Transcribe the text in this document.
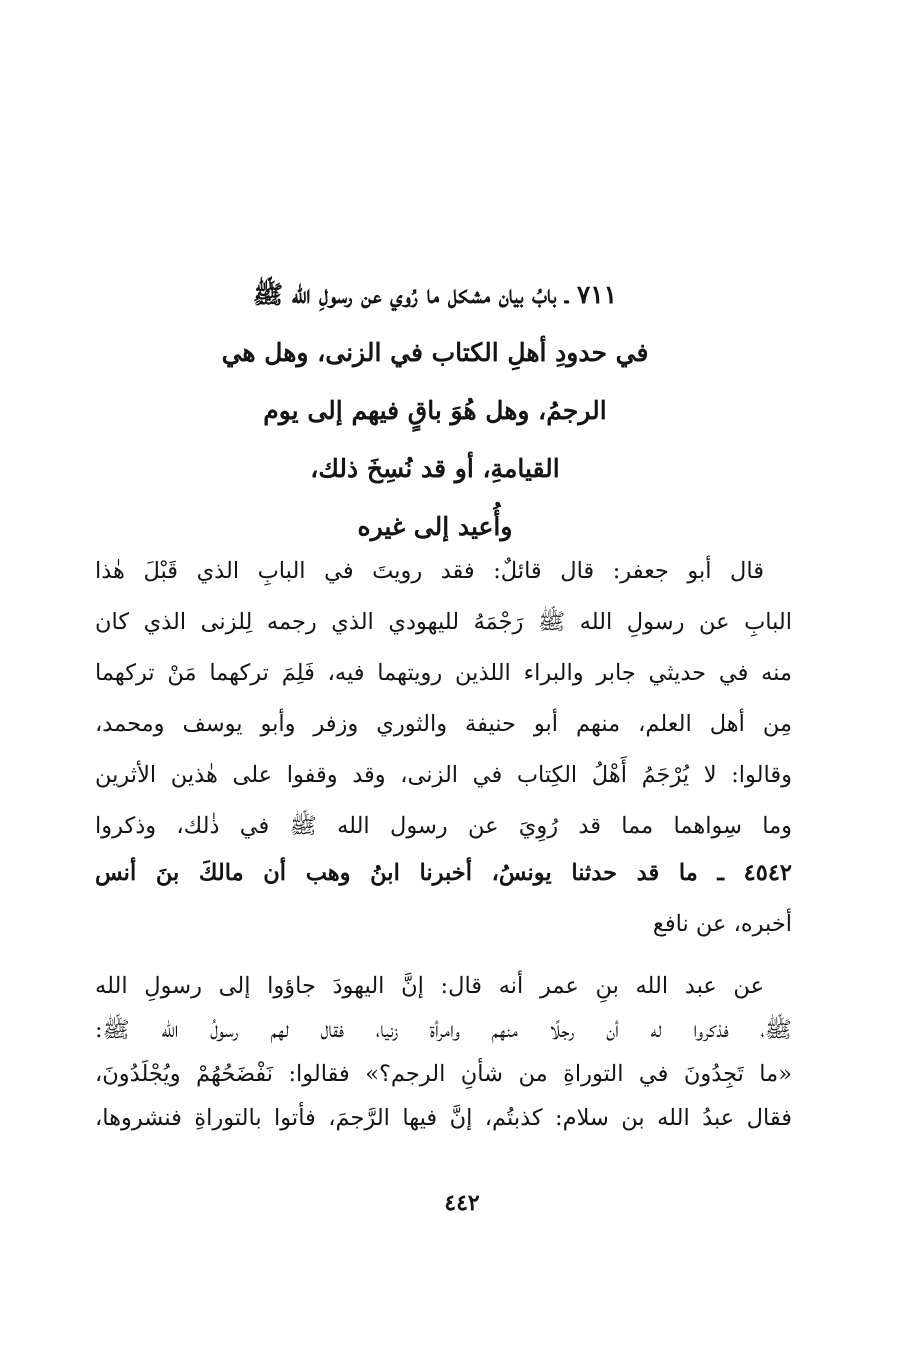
٧١١ ـ بابُ بيان مشكل ما رُوي عن رسولِ الله ﷺ
في حدودِ أهلِ الكتاب في الزنى، وهل هي
الرجمُ، وهل هُوَ باقٍ فيهم إلى يوم
القيامةِ، أو قد نُسِخَ ذلك،
وأُعيد إلى غيره
قال أبو جعفر: قال قائلٌ: فقد رويتَ في البابِ الذي قَبْلَ هٰذا
البابِ عن رسولِ الله ﷺ رَجْمَهُ لليهودي الذي رجمه لِلزنى الذي كان
منه في حديثي جابر والبراء اللذين رويتهما فيه، فَلِمَ تركهما مَنْ تركهما
مِن أهل العلم، منهم أبو حنيفة والثوري وزفر وأبو يوسف ومحمد،
وقالوا: لا يُرْجَمُ أَهْلُ الكِتاب في الزنى، وقد وقفوا على هٰذين الأثرين
وما سِواهما مما قد رُوِيَ عن رسول الله ﷺ في ذٰلك، وذكروا
٤٥٤٢ ـ ما قد حدثنا يونسُ، أخبرنا ابنُ وهب أن مالكَ بنَ أنس
أخبره، عن نافع
عن عبد الله بنِ عمر أنه قال: إنَّ اليهودَ جاؤوا إلى رسولِ الله
ﷺ، فذكروا له أن رجلًا منهم وامرأة زنيا، فقال لهم رسولُ الله ﷺ:
«ما تَجِدُونَ في التوراةِ من شأنِ الرجم؟» فقالوا: نَفْضَحُهُمْ ويُجْلَدُونَ،
فقال عبدُ الله بن سلام: كذبتُم، إنَّ فيها الرَّجمَ، فأتوا بالتوراةِ فنشروها،
٤٤٢
